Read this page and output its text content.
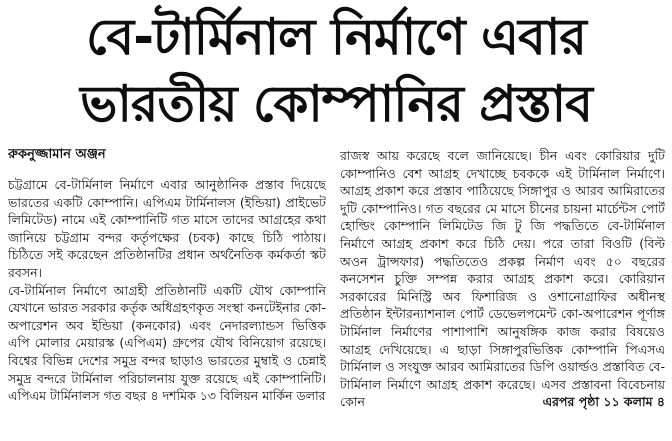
বে-টার্মিনাল নির্মাণে এবার
ভারতীয় কোম্পানির প্রস্তাব
রুকনুজ্জামান অঞ্জন

চট্টগ্রামে বে-টার্মিনাল নির্মাণে এবার আনুষ্ঠানিক প্রস্তাব দিয়েছে ভারতের একটি কোম্পানি। এপিএম টার্মিনালস (ইন্ডিয়া) প্রাইভেট লিমিটেড) নামে এই কোম্পানিটি গত মাসে তাদের আগ্রহের কথা জানিয়ে চট্টগ্রাম বন্দর কর্তৃপক্ষের (চবক) কাছে চিঠি পাঠায়। চিঠিতে সই করেছেন প্রতিষ্ঠানটির প্রধান অর্থনৈতিক কর্মকর্তা স্কট রবসন।

বে-টার্মিনাল নির্মাণে আগ্রহী প্রতিষ্ঠানটি একটি যৌথ কোম্পানি যেখানে ভারত সরকার কর্তৃক অধিগ্রহণকৃত সংস্থা কনটেইনার কো-অপারেশন অব ইন্ডিয়া (কনকোর) এবং নেদারল্যান্ডস ভিত্তিক এপি মোলার মেয়ারস্ক (এপিএম) গ্রুপের যৌথ বিনিয়োগ রয়েছে। বিশ্বের বিভিন্ন দেশের সমুদ্র বন্দর ছাড়াও ভারতের মুম্বাই ও চেন্নাই সমুদ্র বন্দরে টার্মিনাল পরিচালনায় যুক্ত রয়েছে এই কোম্পানিটি। এপিএম টার্মিনালস গত বছর ৪ দশমিক ১৩ বিলিয়ন মার্কিন ডলার

রাজস্ব আয় করেছে বলে জানিয়েছে। চীন এবং কোরিয়ার দুটি কোম্পানিও বেশ আগ্রহ দেখাচ্ছে চবককে এই টার্মিনাল নির্মাণে। আগ্রহ প্রকাশ করে প্রস্তাব পাঠিয়েছে সিঙ্গাপুর ও আরব আমিরাতের দুটি কোম্পানিও। গত বছরের মে মাসে চীনের চায়না মার্চেন্টস পোর্ট হোল্ডিং কোম্পানি লিমিটেড জি টু জি পদ্ধতিতে বে-টার্মিনাল নির্মাণে আগ্রহ প্রকাশ করে চিঠি দেয়। পরে তারা বিওটি (বিল্ট অওন ট্রান্সফার) পদ্ধতিতেও প্রকল্প নির্মাণ এবং ৫০ বছরের কনসেশন চুক্তি সম্পন্ন করার আগ্রহ প্রকাশ করে। কোরিয়ান সরকারের মিনিস্ট্রি অব ফিশারিজ ও ওশানোগ্রাফির অধীনস্থ প্রতিষ্ঠান ইন্টারন্যাশনাল পোর্ট ডেভেলপমেন্ট কো-অপারেশন পূর্ণাঙ্গ টার্মিনাল নির্মাণের পাশাপাশি আনুষঙ্গিক কাজ করার বিষয়েও আগ্রহ দেখিয়েছে। এ ছাড়া সিঙ্গাপুরভিত্তিক কোম্পানি পিএসএ টার্মিনাল ও সংযুক্ত আরব আমিরাতের ডিপি ওয়ার্ল্ডও প্রস্তাবিত বে-টার্মিনাল নির্মাণে আগ্রহ প্রকাশ করেছে। এসব প্রস্তাবনা বিবেচনায় কোন	এরপর পৃষ্ঠা ১১ কলাম ৪
